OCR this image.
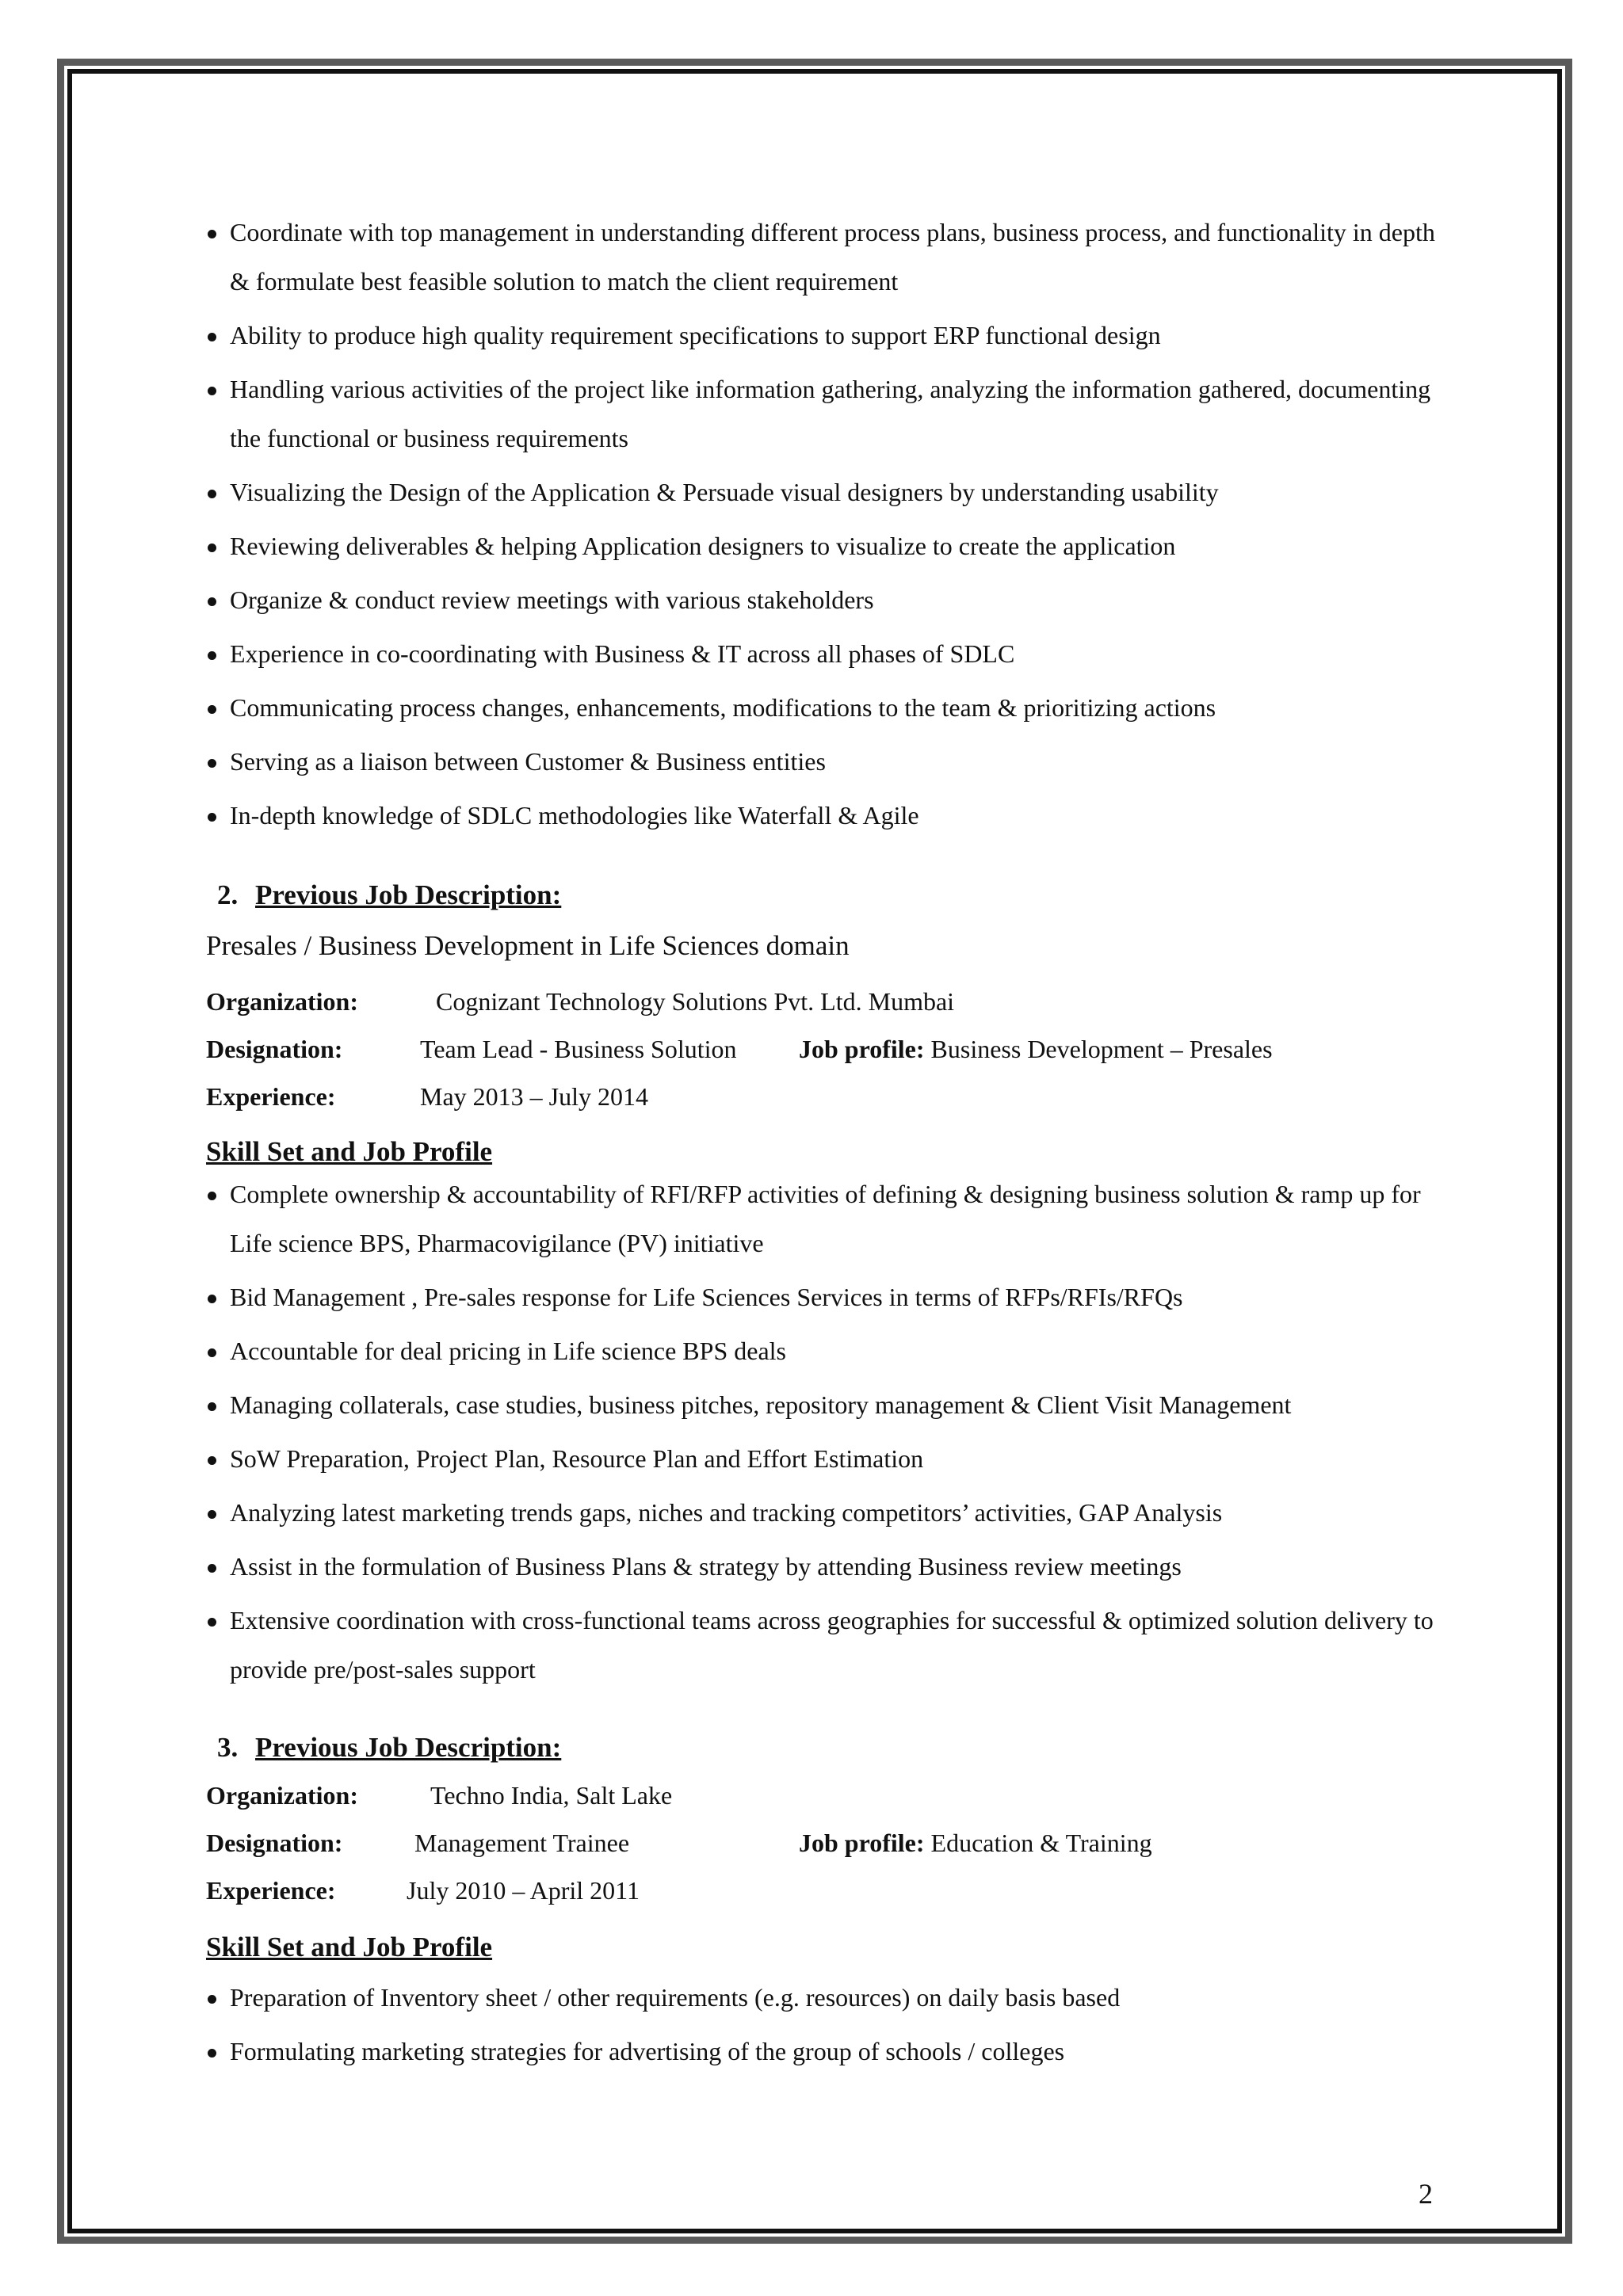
Coordinate with top management in understanding different process plans, business process, and functionality in depth & formulate best feasible solution to match the client requirement
Ability to produce high quality requirement specifications to support ERP functional design
Handling various activities of the project like information gathering, analyzing the information gathered, documenting the functional or business requirements
Visualizing the Design of the Application & Persuade visual designers by understanding usability
Reviewing deliverables & helping Application designers to visualize to create the application
Organize & conduct review meetings with various stakeholders
Experience in co-coordinating with Business & IT across all phases of SDLC
Communicating process changes, enhancements, modifications to the team & prioritizing actions
Serving as a liaison between Customer & Business entities
In-depth knowledge of SDLC methodologies like Waterfall & Agile

2. Previous Job Description:

Presales / Business Development in Life Sciences domain

Organization:	Cognizant Technology Solutions Pvt. Ltd. Mumbai
Designation:	Team Lead - Business Solution Job profile: Business Development – Presales
Experience:	May 2013 – July 2014

Skill Set and Job Profile

Complete ownership & accountability of RFI/RFP activities of defining & designing business solution & ramp up for Life science BPS, Pharmacovigilance (PV) initiative
Bid Management , Pre-sales response for Life Sciences Services in terms of RFPs/RFIs/RFQs
Accountable for deal pricing in Life science BPS deals
Managing collaterals, case studies, business pitches, repository management & Client Visit Management
SoW Preparation, Project Plan, Resource Plan and Effort Estimation
Analyzing latest marketing trends gaps, niches and tracking competitors’ activities, GAP Analysis
Assist in the formulation of Business Plans & strategy by attending Business review meetings
Extensive coordination with cross-functional teams across geographies for successful & optimized solution delivery to provide pre/post-sales support

3. Previous Job Description:

Organization:	Techno India, Salt Lake
Designation:	Management Trainee	Job profile: Education & Training
Experience:	July 2010 – April 2011

Skill Set and Job Profile

Preparation of Inventory sheet / other requirements (e.g. resources) on daily basis based
Formulating marketing strategies for advertising of the group of schools / colleges
2
